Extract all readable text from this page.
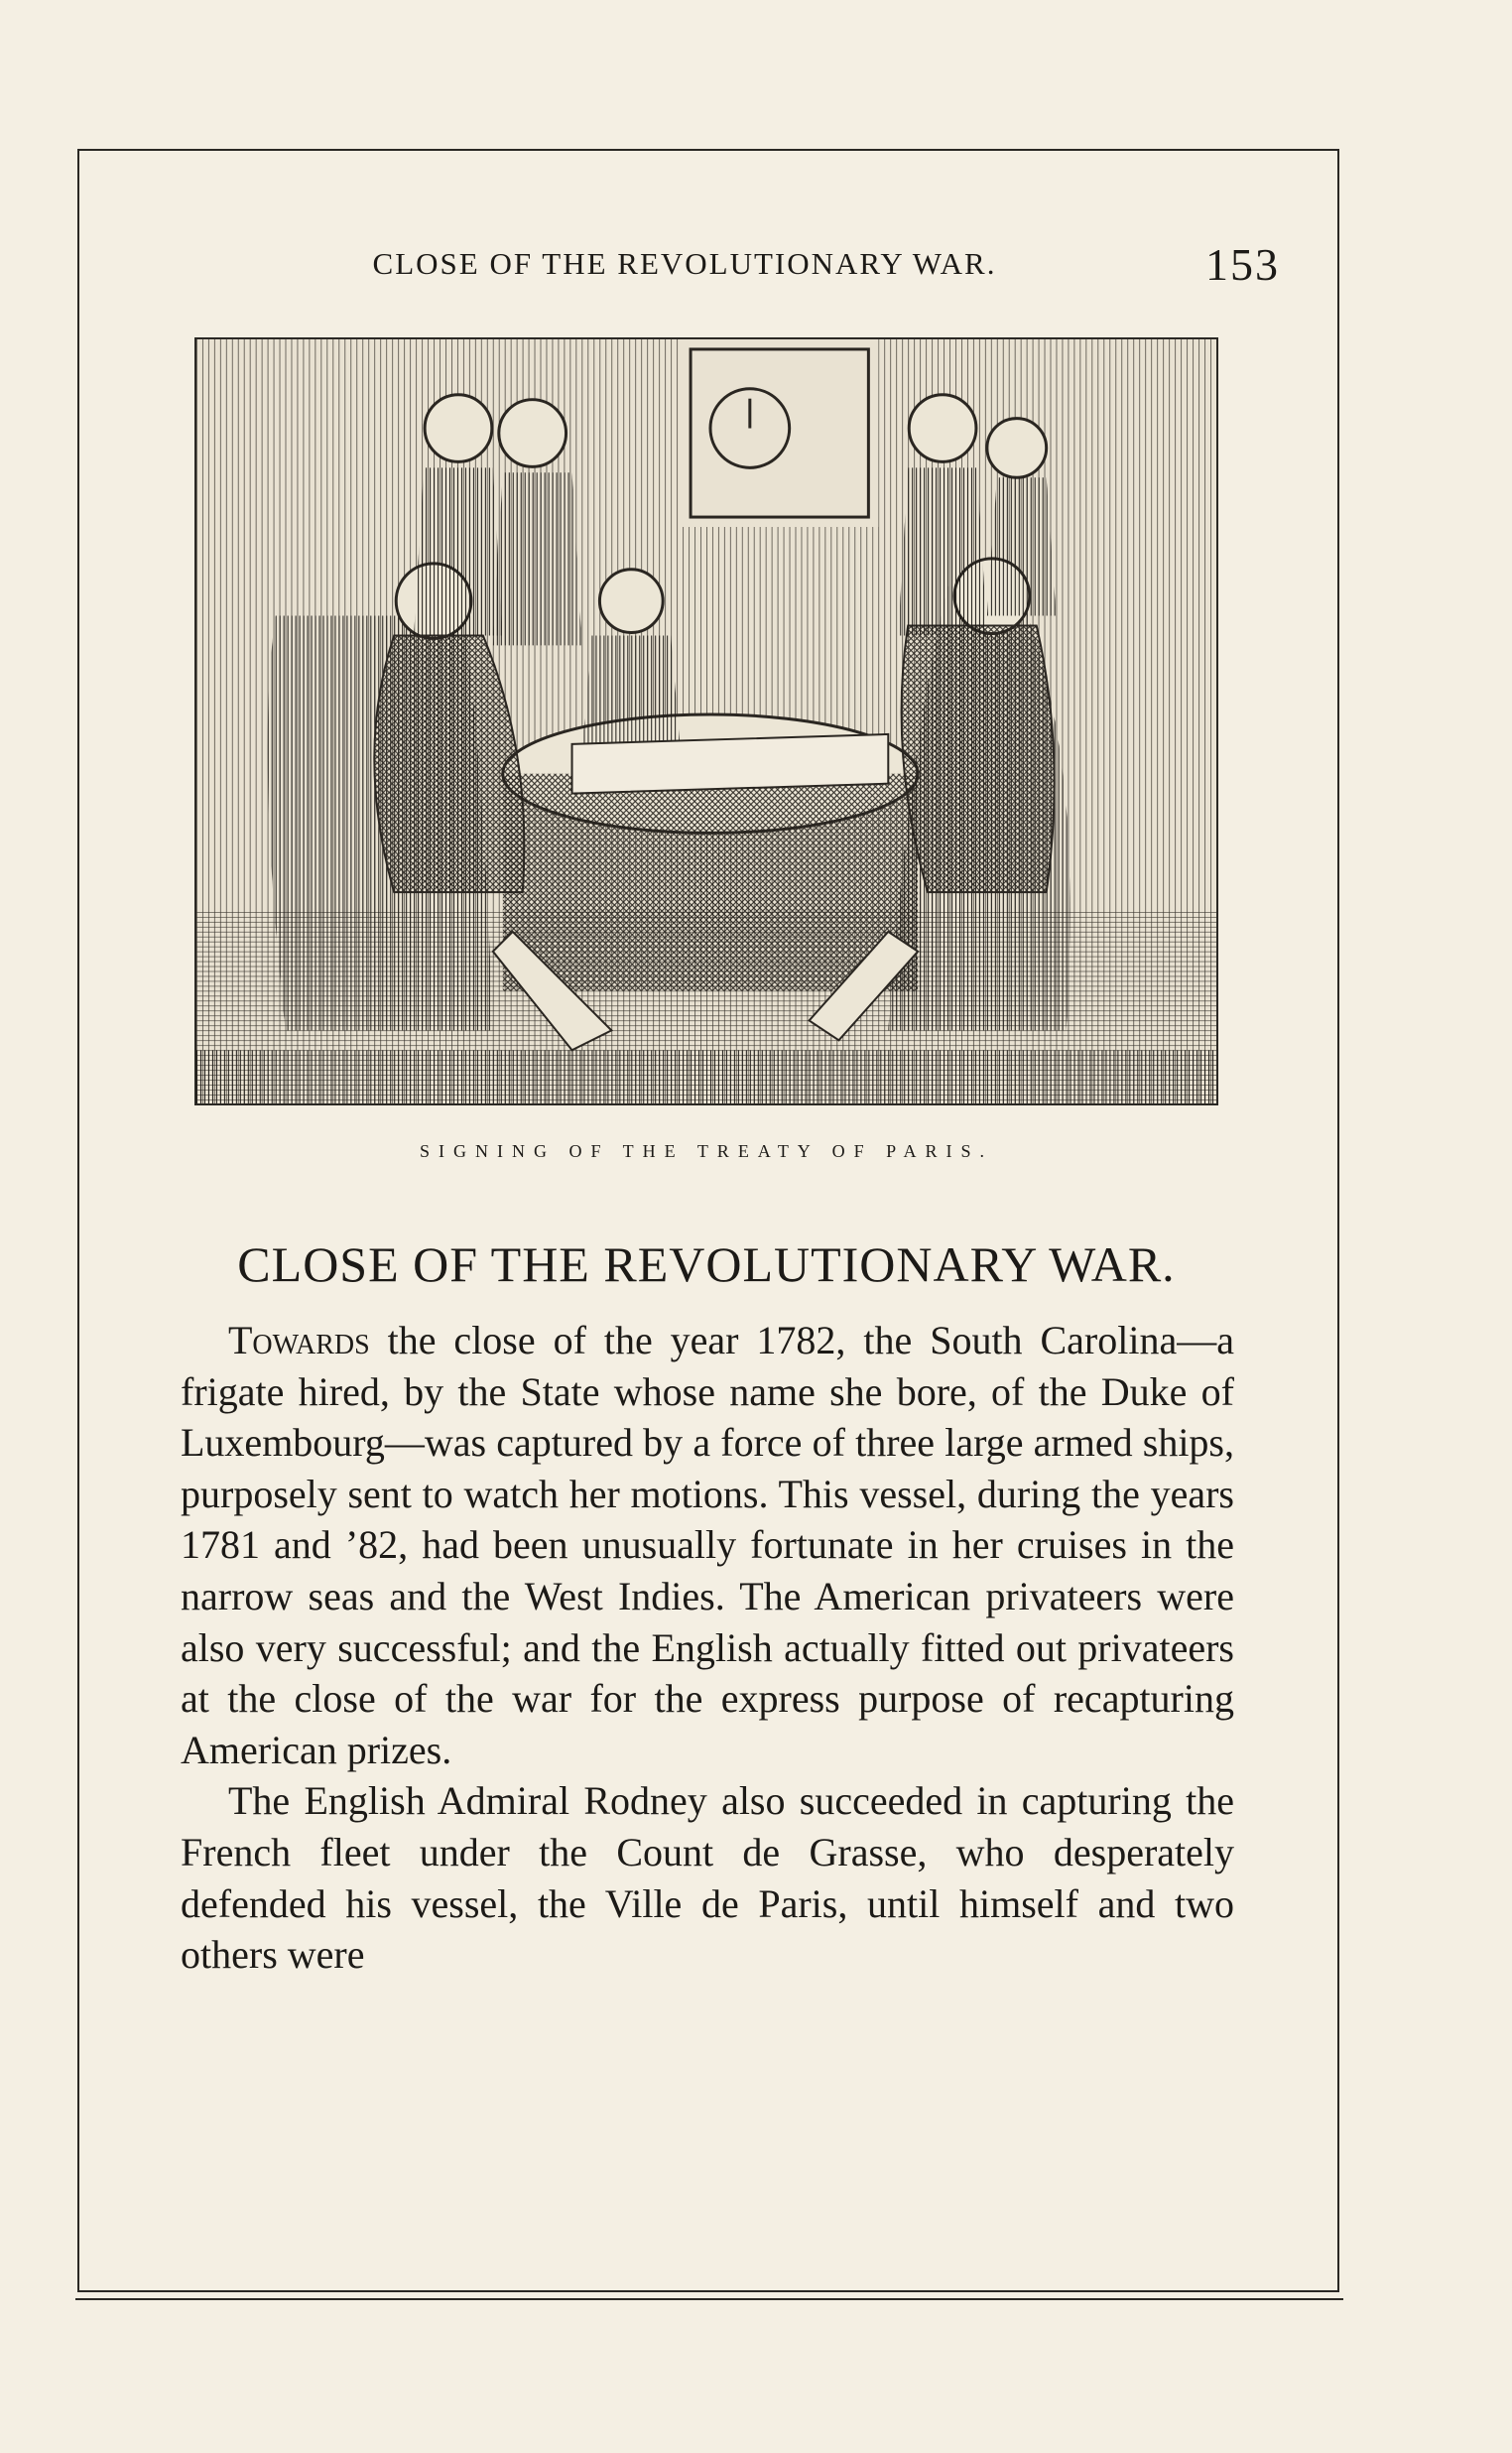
CLOSE OF THE REVOLUTIONARY WAR.	153
SIGNING OF THE TREATY OF PARIS.
CLOSE OF THE REVOLUTIONARY WAR.

Towards the close of the year 1782, the South Carolina—a frigate hired, by the State whose name she bore, of the Duke of Luxembourg—was captured by a force of three large armed ships, purposely sent to watch her motions. This vessel, during the years 1781 and ’82, had been unusually fortunate in her cruises in the narrow seas and the West Indies. The American privateers were also very successful; and the English actually fitted out privateers at the close of the war for the express purpose of recapturing American prizes.

The English Admiral Rodney also succeeded in capturing the French fleet under the Count de Grasse, who desperately defended his vessel, the Ville de Paris, until himself and two others were
